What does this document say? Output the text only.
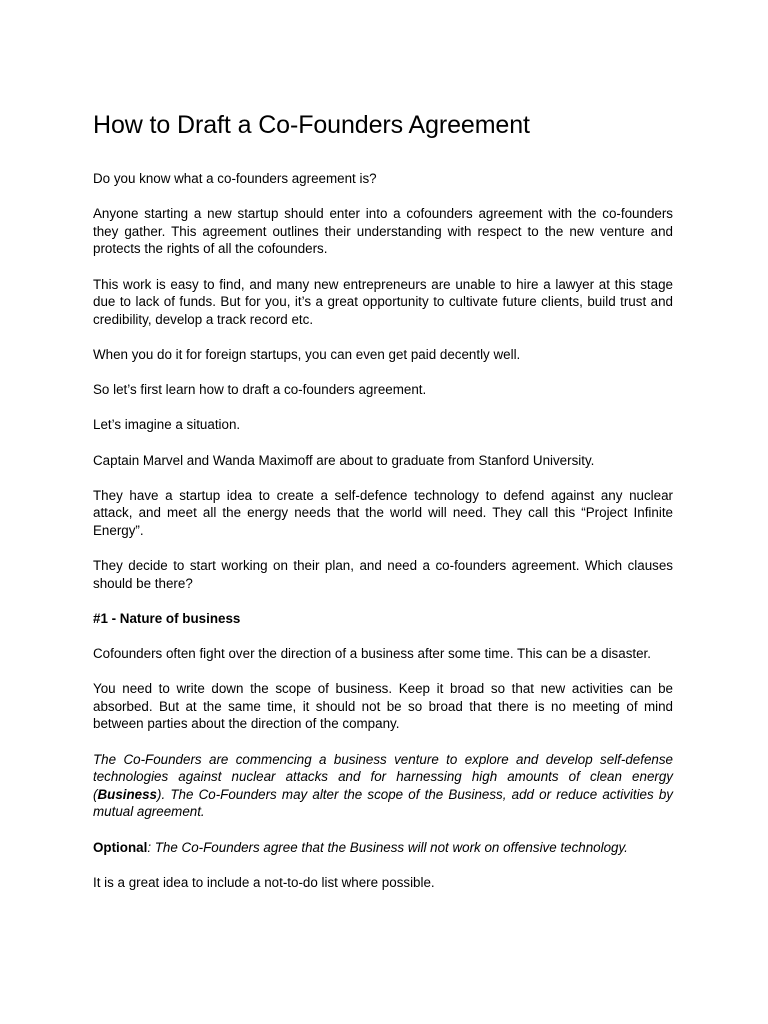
How to Draft a Co-Founders Agreement

Do you know what a co-founders agreement is?

Anyone starting a new startup should enter into a cofounders agreement with the co-founders they gather. This agreement outlines their understanding with respect to the new venture and protects the rights of all the cofounders.

This work is easy to find, and many new entrepreneurs are unable to hire a lawyer at this stage due to lack of funds. But for you, it’s a great opportunity to cultivate future clients, build trust and credibility, develop a track record etc.

When you do it for foreign startups, you can even get paid decently well.

So let’s first learn how to draft a co-founders agreement.

Let’s imagine a situation.

Captain Marvel and Wanda Maximoff are about to graduate from Stanford University.

They have a startup idea to create a self-defence technology to defend against any nuclear attack, and meet all the energy needs that the world will need. They call this “Project Infinite Energy”.

They decide to start working on their plan, and need a co-founders agreement. Which clauses should be there?

#1 - Nature of business

Cofounders often fight over the direction of a business after some time. This can be a disaster.

You need to write down the scope of business. Keep it broad so that new activities can be absorbed. But at the same time, it should not be so broad that there is no meeting of mind between parties about the direction of the company.

The Co-Founders are commencing a business venture to explore and develop self-defense technologies against nuclear attacks and for harnessing high amounts of clean energy (Business). The Co-Founders may alter the scope of the Business, add or reduce activities by mutual agreement.

Optional: The Co-Founders agree that the Business will not work on offensive technology.

It is a great idea to include a not-to-do list where possible.
